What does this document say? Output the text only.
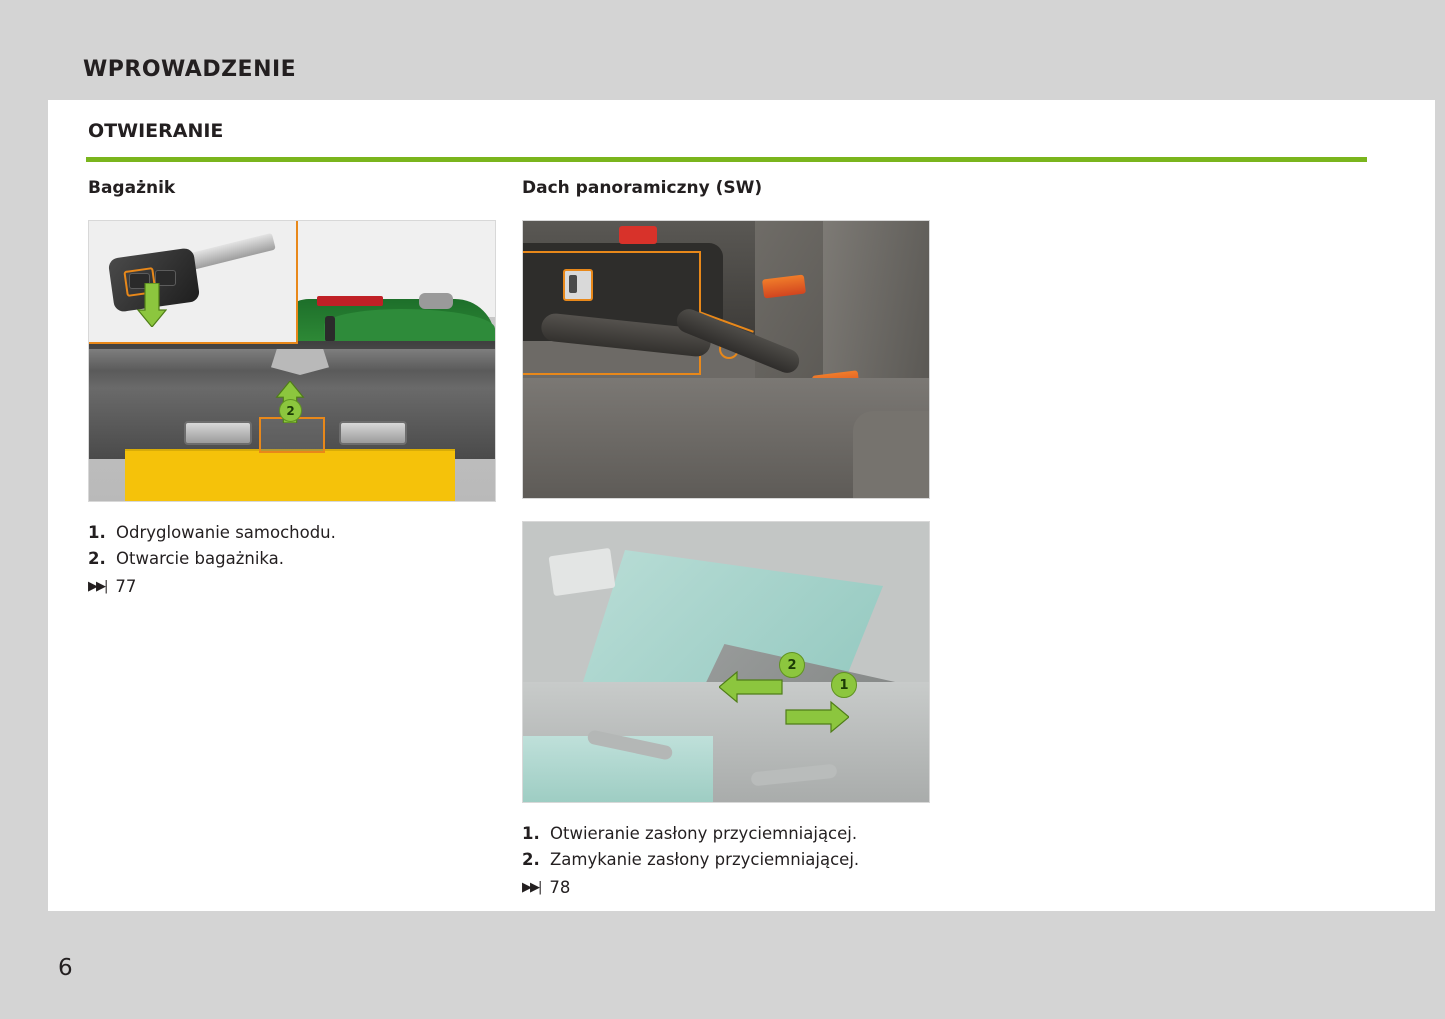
WPROWADZENIE
OTWIERANIE
Bagażnik
2
1. Odryglowanie samochodu.
2. Otwarcie bagażnika.
▶▶| 77
Dach panoramiczny (SW)
2
1
1. Otwieranie zasłony przyciemniającej.
2. Zamykanie zasłony przyciemniającej.
▶▶| 78
6
